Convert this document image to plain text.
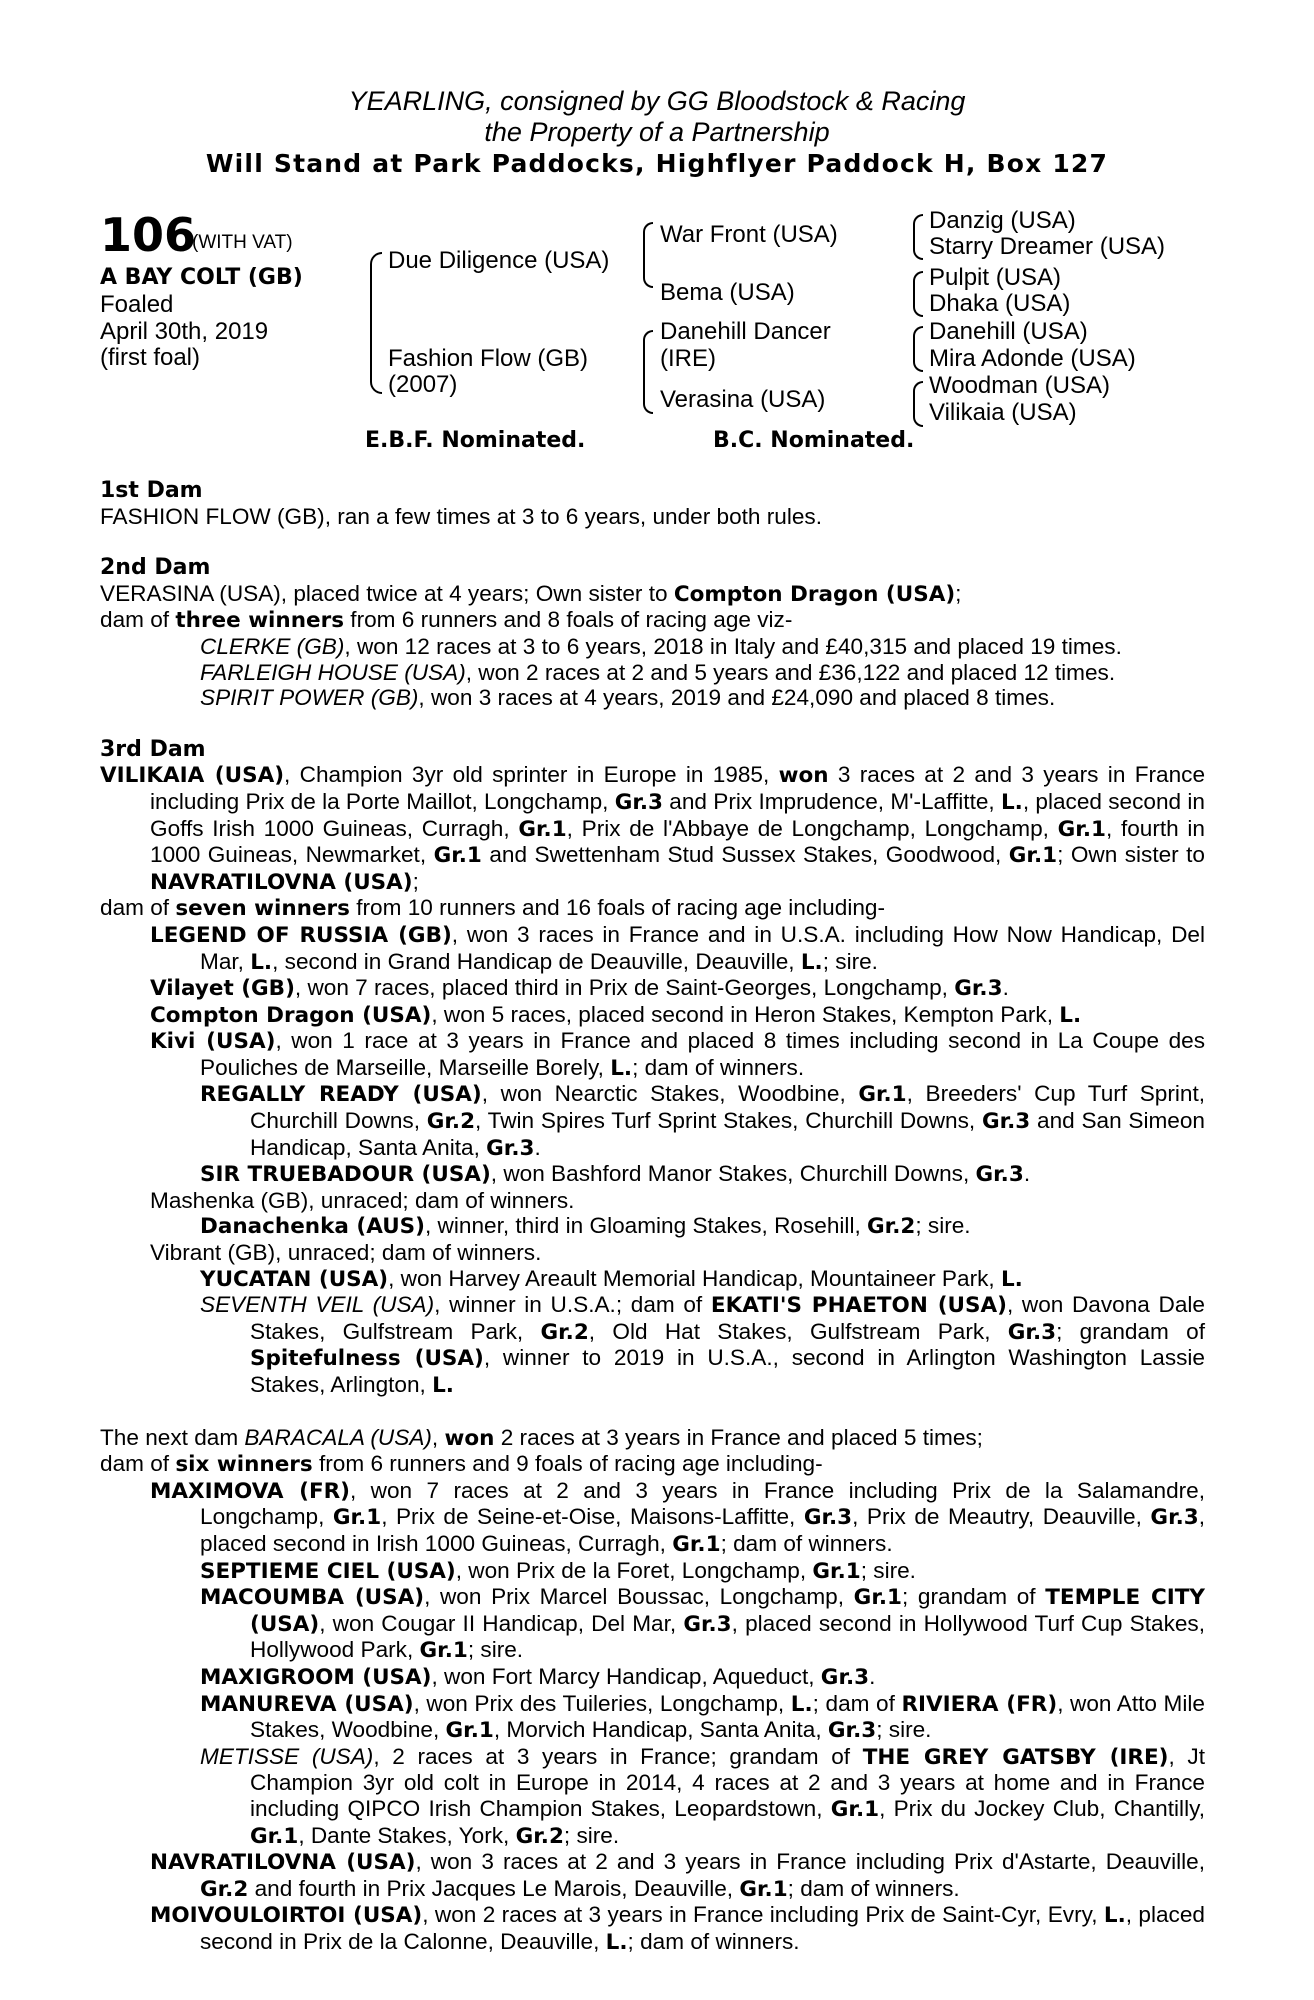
YEARLING, consigned by GG Bloodstock & Racing
the Property of a Partnership
Will Stand at Park Paddocks, Highflyer Paddock H, Box 127
106
(WITH VAT)
A BAY COLT (GB)
Foaled
April 30th, 2019
(first foal)
Due Diligence (USA)
Fashion Flow (GB)
(2007)
War Front (USA)
Bema (USA)
Danehill Dancer
(IRE)
Verasina (USA)
Danzig (USA)
Starry Dreamer (USA)
Pulpit (USA)
Dhaka (USA)
Danehill (USA)
Mira Adonde (USA)
Woodman (USA)
Vilikaia (USA)
E.B.F. Nominated.	B.C. Nominated.

1st Dam

FASHION FLOW (GB), ran a few times at 3 to 6 years, under both rules.

2nd Dam

VERASINA (USA), placed twice at 4 years; Own sister to Compton Dragon (USA);

dam of three winners from 6 runners and 8 foals of racing age viz-

CLERKE (GB), won 12 races at 3 to 6 years, 2018 in Italy and £40,315 and placed 19 times.

FARLEIGH HOUSE (USA), won 2 races at 2 and 5 years and £36,122 and placed 12 times.

SPIRIT POWER (GB), won 3 races at 4 years, 2019 and £24,090 and placed 8 times.

3rd Dam

VILIKAIA (USA), Champion 3yr old sprinter in Europe in 1985, won 3 races at 2 and 3 years in France including Prix de la Porte Maillot, Longchamp, Gr.3 and Prix Imprudence, M'-Laffitte, L., placed second in Goffs Irish 1000 Guineas, Curragh, Gr.1, Prix de l'Abbaye de Longchamp, Longchamp, Gr.1, fourth in 1000 Guineas, Newmarket, Gr.1 and Swettenham Stud Sussex Stakes, Goodwood, Gr.1; Own sister to NAVRATILOVNA (USA);

dam of seven winners from 10 runners and 16 foals of racing age including-

LEGEND OF RUSSIA (GB), won 3 races in France and in U.S.A. including How Now Handicap, Del Mar, L., second in Grand Handicap de Deauville, Deauville, L.; sire.

Vilayet (GB), won 7 races, placed third in Prix de Saint-Georges, Longchamp, Gr.3.

Compton Dragon (USA), won 5 races, placed second in Heron Stakes, Kempton Park, L.

Kivi (USA), won 1 race at 3 years in France and placed 8 times including second in La Coupe des Pouliches de Marseille, Marseille Borely, L.; dam of winners.

REGALLY READY (USA), won Nearctic Stakes, Woodbine, Gr.1, Breeders' Cup Turf Sprint, Churchill Downs, Gr.2, Twin Spires Turf Sprint Stakes, Churchill Downs, Gr.3 and San Simeon Handicap, Santa Anita, Gr.3.

SIR TRUEBADOUR (USA), won Bashford Manor Stakes, Churchill Downs, Gr.3.

Mashenka (GB), unraced; dam of winners.

Danachenka (AUS), winner, third in Gloaming Stakes, Rosehill, Gr.2; sire.

Vibrant (GB), unraced; dam of winners.

YUCATAN (USA), won Harvey Areault Memorial Handicap, Mountaineer Park, L.

SEVENTH VEIL (USA), winner in U.S.A.; dam of EKATI'S PHAETON (USA), won Davona Dale Stakes, Gulfstream Park, Gr.2, Old Hat Stakes, Gulfstream Park, Gr.3; grandam of Spitefulness (USA), winner to 2019 in U.S.A., second in Arlington Washington Lassie Stakes, Arlington, L.

The next dam BARACALA (USA), won 2 races at 3 years in France and placed 5 times;

dam of six winners from 6 runners and 9 foals of racing age including-

MAXIMOVA (FR), won 7 races at 2 and 3 years in France including Prix de la Salamandre, Longchamp, Gr.1, Prix de Seine-et-Oise, Maisons-Laffitte, Gr.3, Prix de Meautry, Deauville, Gr.3, placed second in Irish 1000 Guineas, Curragh, Gr.1; dam of winners.

SEPTIEME CIEL (USA), won Prix de la Foret, Longchamp, Gr.1; sire.

MACOUMBA (USA), won Prix Marcel Boussac, Longchamp, Gr.1; grandam of TEMPLE CITY (USA), won Cougar II Handicap, Del Mar, Gr.3, placed second in Hollywood Turf Cup Stakes, Hollywood Park, Gr.1; sire.

MAXIGROOM (USA), won Fort Marcy Handicap, Aqueduct, Gr.3.

MANUREVA (USA), won Prix des Tuileries, Longchamp, L.; dam of RIVIERA (FR), won Atto Mile Stakes, Woodbine, Gr.1, Morvich Handicap, Santa Anita, Gr.3; sire.

METISSE (USA), 2 races at 3 years in France; grandam of THE GREY GATSBY (IRE), Jt Champion 3yr old colt in Europe in 2014, 4 races at 2 and 3 years at home and in France including QIPCO Irish Champion Stakes, Leopardstown, Gr.1, Prix du Jockey Club, Chantilly, Gr.1, Dante Stakes, York, Gr.2; sire.

NAVRATILOVNA (USA), won 3 races at 2 and 3 years in France including Prix d'Astarte, Deauville, Gr.2 and fourth in Prix Jacques Le Marois, Deauville, Gr.1; dam of winners.

MOIVOULOIRTOI (USA), won 2 races at 3 years in France including Prix de Saint-Cyr, Evry, L., placed second in Prix de la Calonne, Deauville, L.; dam of winners.
